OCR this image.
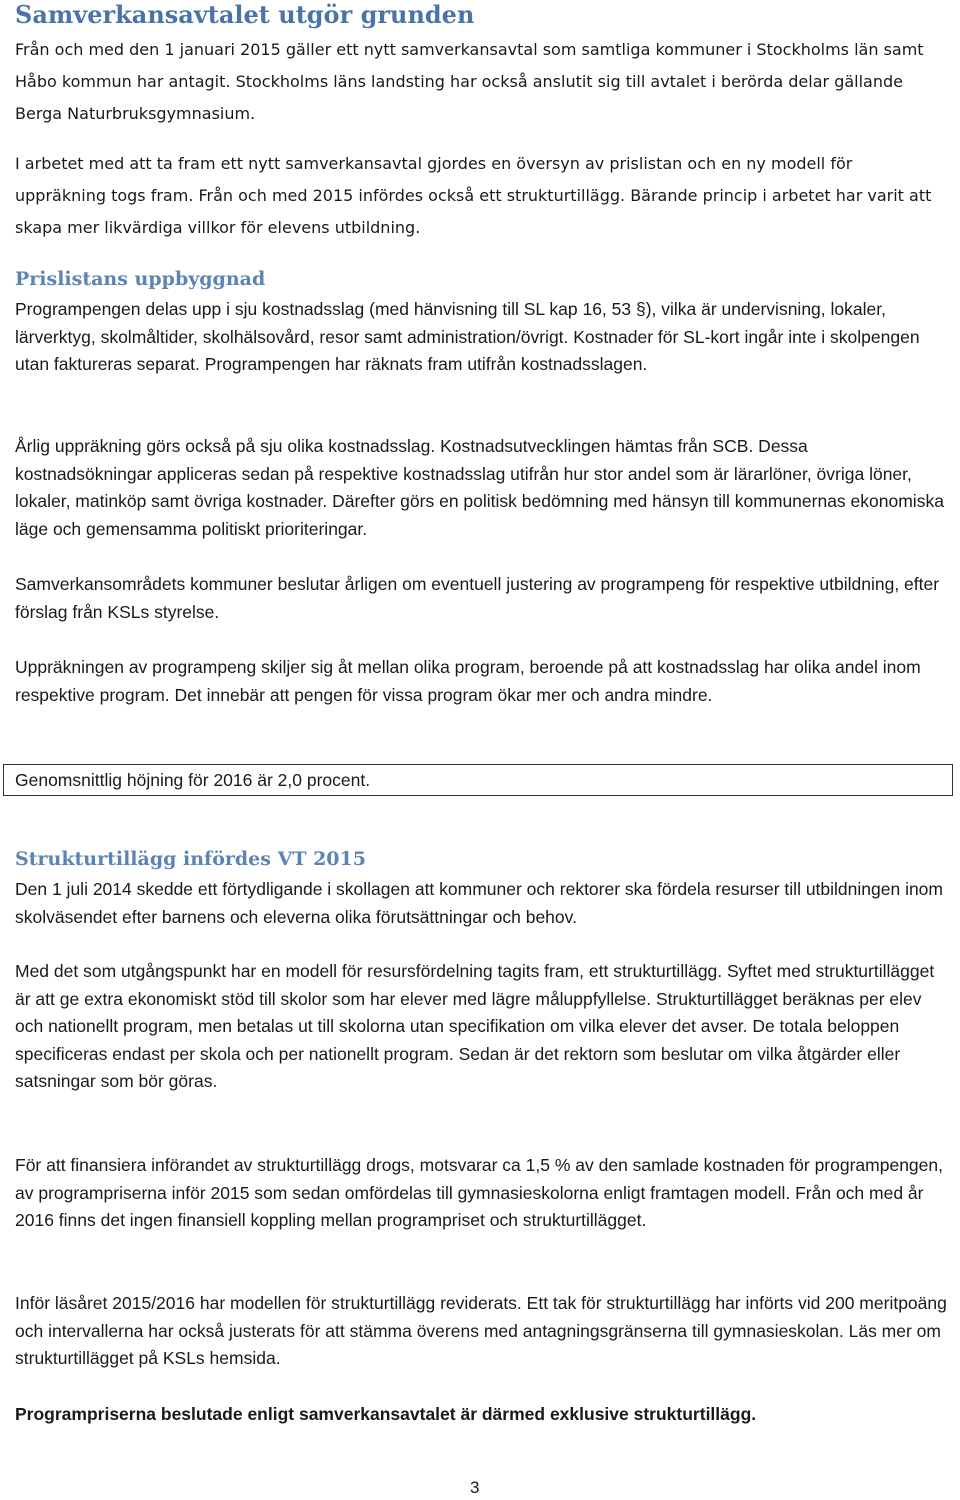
Samverkansavtalet utgör grunden

Från och med den 1 januari 2015 gäller ett nytt samverkansavtal som samtliga kommuner i Stockholms län samt Håbo kommun har antagit. Stockholms läns landsting har också anslutit sig till avtalet i berörda delar gällande Berga Naturbruksgymnasium.

I arbetet med att ta fram ett nytt samverkansavtal gjordes en översyn av prislistan och en ny modell för uppräkning togs fram. Från och med 2015 infördes också ett strukturtillägg. Bärande princip i arbetet har varit att skapa mer likvärdiga villkor för elevens utbildning.

Prislistans uppbyggnad

Programpengen delas upp i sju kostnadsslag (med hänvisning till SL kap 16, 53 §), vilka är undervisning, lokaler, lärverktyg, skolmåltider, skolhälsovård, resor samt administration/övrigt. Kostnader för SL-kort ingår inte i skolpengen utan faktureras separat. Programpengen har räknats fram utifrån kostnadsslagen.

Årlig uppräkning görs också på sju olika kostnadsslag. Kostnadsutvecklingen hämtas från SCB. Dessa kostnadsökningar appliceras sedan på respektive kostnadsslag utifrån hur stor andel som är lärarlöner, övriga löner, lokaler, matinköp samt övriga kostnader. Därefter görs en politisk bedömning med hänsyn till kommunernas ekonomiska läge och gemensamma politiskt prioriteringar.

Samverkansområdets kommuner beslutar årligen om eventuell justering av programpeng för respektive utbildning, efter förslag från KSLs styrelse.

Uppräkningen av programpeng skiljer sig åt mellan olika program, beroende på att kostnadsslag har olika andel inom respektive program. Det innebär att pengen för vissa program ökar mer och andra mindre.

Genomsnittlig höjning för 2016 är 2,0 procent.

Strukturtillägg infördes VT 2015

Den 1 juli 2014 skedde ett förtydligande i skollagen att kommuner och rektorer ska fördela resurser till utbildningen inom skolväsendet efter barnens och eleverna olika förutsättningar och behov.

Med det som utgångspunkt har en modell för resursfördelning tagits fram, ett strukturtillägg. Syftet med strukturtillägget är att ge extra ekonomiskt stöd till skolor som har elever med lägre måluppfyllelse. Strukturtillägget beräknas per elev och nationellt program, men betalas ut till skolorna utan specifikation om vilka elever det avser. De totala beloppen specificeras endast per skola och per nationellt program. Sedan är det rektorn som beslutar om vilka åtgärder eller satsningar som bör göras.

För att finansiera införandet av strukturtillägg drogs, motsvarar ca 1,5 % av den samlade kostnaden för programpengen, av programpriserna inför 2015 som sedan omfördelas till gymnasieskolorna enligt framtagen modell. Från och med år 2016 finns det ingen finansiell koppling mellan programpriset och strukturtillägget.

Inför läsåret 2015/2016 har modellen för strukturtillägg reviderats. Ett tak för strukturtillägg har införts vid 200 meritpoäng och intervallerna har också justerats för att stämma överens med antagningsgränserna till gymnasieskolan. Läs mer om strukturtillägget på KSLs hemsida.

Programpriserna beslutade enligt samverkansavtalet är därmed exklusive strukturtillägg.

3
